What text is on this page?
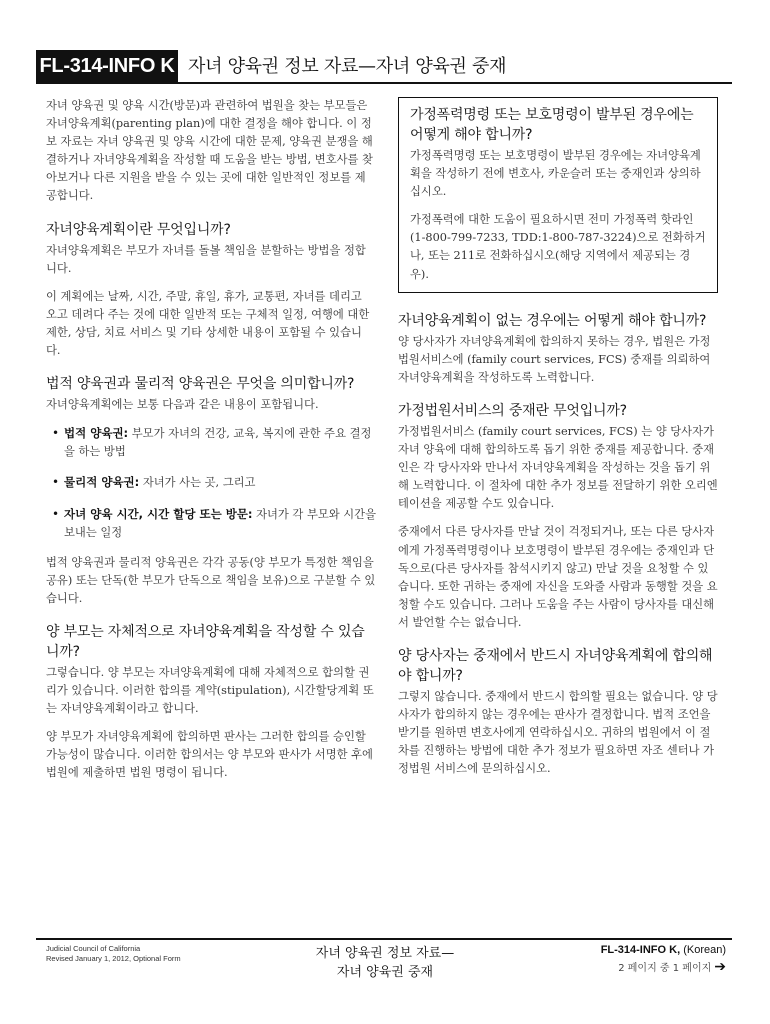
FL-314-INFO K 자녀 양육권 정보 자료—자녀 양육권 중재

자녀 양육권 및 양육 시간(방문)과 관련하여 법원을 찾는 부모들은 자녀양육계획(parenting plan)에 대한 결정을 해야 합니다. 이 정보 자료는 자녀 양육권 및 양육 시간에 대한 문제, 양육권 분쟁을 해결하거나 자녀양육계획을 작성할 때 도움을 받는 방법, 변호사를 찾아보거나 다른 지원을 받을 수 있는 곳에 대한 일반적인 정보를 제공합니다.

자녀양육계획이란 무엇입니까?

자녀양육계획은 부모가 자녀를 돌볼 책임을 분할하는 방법을 정합니다.

이 계획에는 날짜, 시간, 주말, 휴일, 휴가, 교통편, 자녀를 데리고 오고 데려다 주는 것에 대한 일반적 또는 구체적 일정, 여행에 대한 제한, 상담, 치료 서비스 및 기타 상세한 내용이 포함될 수 있습니다.

법적 양육권과 물리적 양육권은 무엇을 의미합니까?

자녀양육계획에는 보통 다음과 같은 내용이 포함됩니다.

• 법적 양육권: 부모가 자녀의 건강, 교육, 복지에 관한 주요 결정을 하는 방법
• 물리적 양육권: 자녀가 사는 곳, 그리고
• 자녀 양육 시간, 시간 할당 또는 방문: 자녀가 각 부모와 시간을 보내는 일정

법적 양육권과 물리적 양육권은 각각 공동(양 부모가 특정한 책임을 공유) 또는 단독(한 부모가 단독으로 책임을 보유)으로 구분할 수 있습니다.

양 부모는 자체적으로 자녀양육계획을 작성할 수 있습니까?

그렇습니다. 양 부모는 자녀양육계획에 대해 자체적으로 합의할 권리가 있습니다. 이러한 합의를 계약(stipulation), 시간할당계획 또는 자녀양육계획이라고 합니다.

양 부모가 자녀양육계획에 합의하면 판사는 그러한 합의를 승인할 가능성이 많습니다. 이러한 합의서는 양 부모와 판사가 서명한 후에 법원에 제출하면 법원 명령이 됩니다.

가정폭력명령 또는 보호명령이 발부된 경우에는 어떻게 해야 합니까?

가정폭력명령 또는 보호명령이 발부된 경우에는 자녀양육계획을 작성하기 전에 변호사, 카운슬러 또는 중재인과 상의하십시오.

가정폭력에 대한 도움이 필요하시면 전미 가정폭력 핫라인(1-800-799-7233, TDD:1-800-787-3224)으로 전화하거나, 또는 211로 전화하십시오(해당 지역에서 제공되는 경우).

자녀양육계획이 없는 경우에는 어떻게 해야 합니까?

양 당사자가 자녀양육계획에 합의하지 못하는 경우, 법원은 가정법원서비스에 (family court services, FCS) 중재를 의뢰하여 자녀양육계획을 작성하도록 노력합니다.

가정법원서비스의 중재란 무엇입니까?

가정법원서비스 (family court services, FCS) 는 양 당사자가 자녀 양육에 대해 합의하도록 돕기 위한 중재를 제공합니다. 중재인은 각 당사자와 만나서 자녀양육계획을 작성하는 것을 돕기 위해 노력합니다. 이 절차에 대한 추가 정보를 전달하기 위한 오리엔테이션을 제공할 수도 있습니다.

중재에서 다른 당사자를 만날 것이 걱정되거나, 또는 다른 당사자에게 가정폭력명령이나 보호명령이 발부된 경우에는 중재인과 단독으로(다른 당사자를 참석시키지 않고) 만날 것을 요청할 수 있습니다. 또한 귀하는 중재에 자신을 도와줄 사람과 동행할 것을 요청할 수도 있습니다. 그러나 도움을 주는 사람이 당사자를 대신해서 발언할 수는 없습니다.

양 당사자는 중재에서 반드시 자녀양육계획에 합의해야 합니까?

그렇지 않습니다. 중재에서 반드시 합의할 필요는 없습니다. 양 당사자가 합의하지 않는 경우에는 판사가 결정합니다. 법적 조언을 받기를 원하면 변호사에게 연락하십시오. 귀하의 법원에서 이 절차를 진행하는 방법에 대한 추가 정보가 필요하면 자조 센터나 가정법원 서비스에 문의하십시오.

Judicial Council of California
Revised January 1, 2012, Optional Form	자녀 양육권 정보 자료—
자녀 양육권 중재
FL-314-INFO K, (Korean)
2 페이지 중 1 페이지 ➔
